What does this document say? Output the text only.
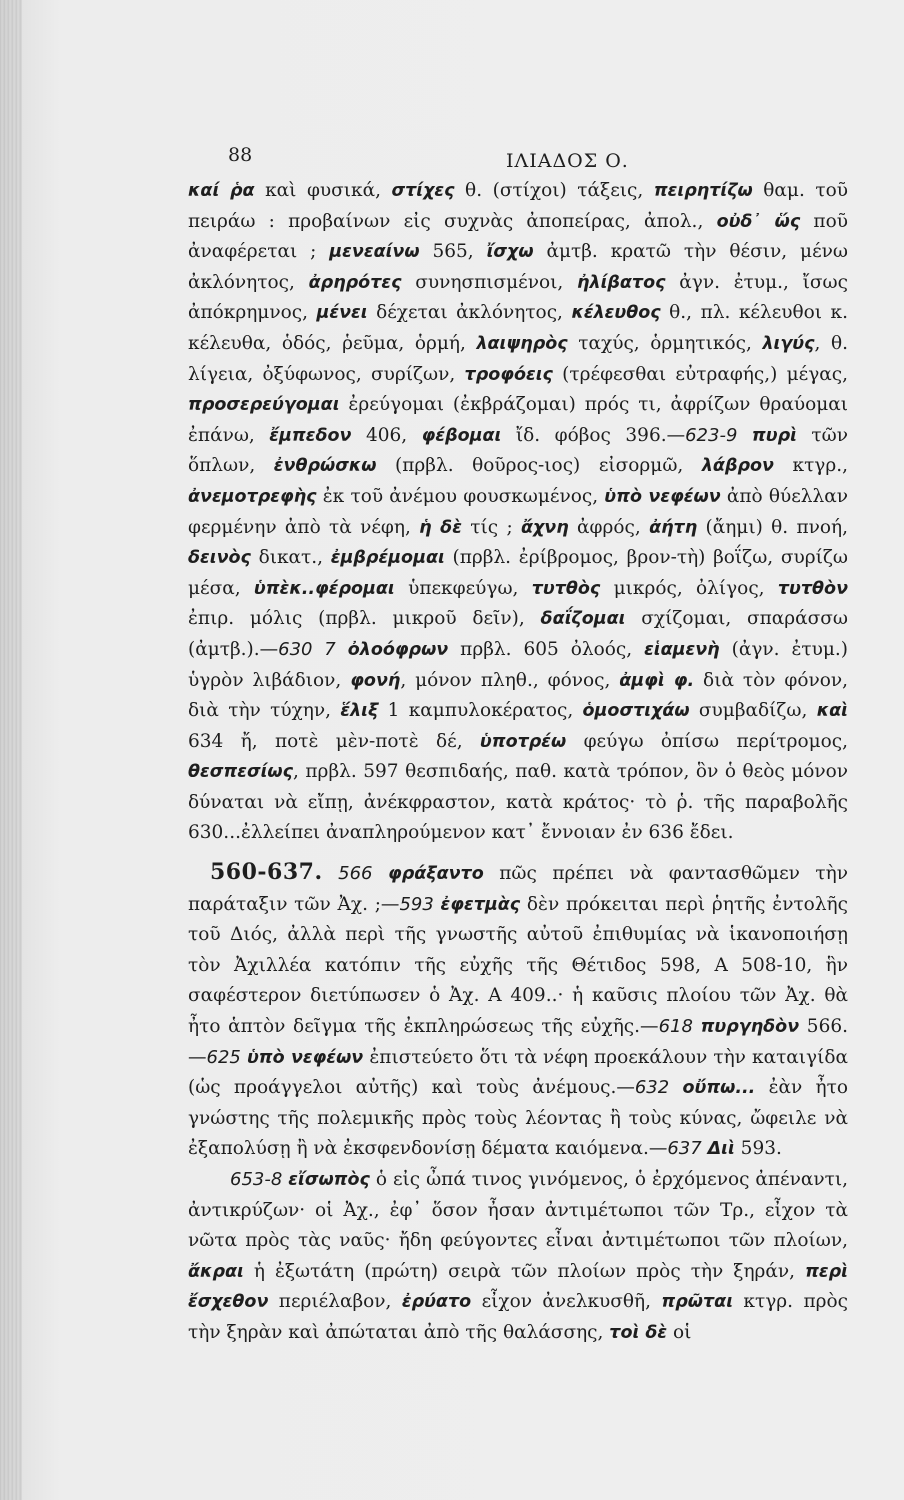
88	ΙΛΙΑΔΟΣ Ο.

καί ῥα καὶ φυσικά, στίχες θ. (στίχοι) τάξεις, πειρητίζω θαμ. τοῦ πειράω : προβαίνων εἰς συχνὰς ἀποπείρας, ἀπολ., οὐδ᾽ ὥς ποῦ ἀναφέρεται ; μενεαίνω 565, ἴσχω ἀμτβ. κρατῶ τὴν θέσιν, μένω ἀκλόνητος, ἀρηρότες συνησπισμένοι, ἠλίβατος ἀγν. ἐτυμ., ἴσως ἀπόκρημνος, μένει δέχεται ἀκλόνητος, κέλευθος θ., πλ. κέλευθοι κ. κέλευθα, ὁδός, ῥεῦμα, ὁρμή, λαιψηρὸς ταχύς, ὁρμητικός, λιγύς, θ. λίγεια, ὀξύφωνος, συρίζων, τροφόεις (τρέφεσθαι εὐτραφής,) μέγας, προσερεύγομαι ἐρεύγομαι (ἐκβράζομαι) πρός τι, ἀφρίζων θραύομαι ἐπάνω, ἔμπεδον 406, φέβομαι ἴδ. φόβος 396.—623-9 πυρὶ τῶν ὅπλων, ἐνθρώσκω (πρβλ. θοῦρος-ιος) εἰσορμῶ, λάβρον κτγρ., ἀνεμοτρεφὴς ἐκ τοῦ ἀνέμου φουσκωμένος, ὑπὸ νεφέων ἀπὸ θύελλαν φερμένην ἀπὸ τὰ νέφη, ἡ δὲ τίς ; ἄχνη ἀφρός, ἀήτη (ἄημι) θ. πνοή, δεινὸς δικατ., ἐμβρέμομαι (πρβλ. ἐρίβρομος, βρον-τὴ) βοΐζω, συρίζω μέσα, ὑπὲκ..φέρομαι ὑπεκφεύγω, τυτθὸς μικρός, ὀλίγος, τυτθὸν ἐπιρ. μόλις (πρβλ. μικροῦ δεῖν), δαΐζομαι σχίζομαι, σπαράσσω (ἀμτβ.).—630 7 ὀλοόφρων πρβλ. 605 ὀλοός, εἱαμενὴ (ἀγν. ἐτυμ.) ὑγρὸν λιβάδιον, φονή, μόνον πληθ., φόνος, ἀμφὶ φ. διὰ τὸν φόνον, διὰ τὴν τύχην, ἕλιξ 1 καμπυλοκέρατος, ὁμοστιχάω συμβαδίζω, καὶ 634 ἤ, ποτὲ μὲν-ποτὲ δέ, ὑποτρέω φεύγω ὀπίσω περίτρομος, θεσπεσίως, πρβλ. 597 θεσπιδαής, παθ. κατὰ τρόπον, ὃν ὁ θεὸς μόνον δύναται νὰ εἴπῃ, ἀνέκφραστον, κατὰ κράτος· τὸ ῥ. τῆς παραβολῆς 630...ἐλλείπει ἀναπληρούμενον κατ᾽ ἔννοιαν ἐν 636 ἔδει.

560-637. 566 φράξαντο πῶς πρέπει νὰ φαντασθῶμεν τὴν παράταξιν τῶν Ἀχ. ;—593 ἐφετμὰς δὲν πρόκειται περὶ ῥητῆς ἐντολῆς τοῦ Διός, ἀλλὰ περὶ τῆς γνωστῆς αὐτοῦ ἐπιθυμίας νὰ ἱκανοποιήσῃ τὸν Ἀχιλλέα κατόπιν τῆς εὐχῆς τῆς Θέτιδος 598, Α 508-10, ἣν σαφέστερον διετύπωσεν ὁ Ἀχ. Α 409..· ἡ καῦσις πλοίου τῶν Ἀχ. θὰ ἦτο ἁπτὸν δεῖγμα τῆς ἐκπληρώσεως τῆς εὐχῆς.—618 πυργηδὸν 566.—625 ὑπὸ νεφέων ἐπιστεύετο ὅτι τὰ νέφη προεκάλουν τὴν καταιγίδα (ὡς προάγγελοι αὐτῆς) καὶ τοὺς ἀνέμους.—632 οὔπω... ἐὰν ἦτο γνώστης τῆς πολεμικῆς πρὸς τοὺς λέοντας ἢ τοὺς κύνας, ὤφειλε νὰ ἐξαπολύσῃ ἢ νὰ ἐκσφενδονίσῃ δέματα καιόμενα.—637 Διὶ 593.

653-8 εἴσωπὸς ὁ εἰς ὦπά τινος γινόμενος, ὁ ἐρχόμενος ἀπέναντι, ἀντικρύζων· οἱ Ἀχ., ἐφ᾽ ὅσον ἦσαν ἀντιμέτωποι τῶν Τρ., εἶχον τὰ νῶτα πρὸς τὰς ναῦς· ἤδη φεύγοντες εἶναι ἀντιμέτωποι τῶν πλοίων, ἄκραι ἡ ἐξωτάτη (πρώτη) σειρὰ τῶν πλοίων πρὸς τὴν ξηράν, περὶ ἔσχεθον περιέλαβον, ἐρύατο εἶχον ἀνελκυσθῆ, πρῶται κτγρ. πρὸς τὴν ξηρὰν καὶ ἀπώταται ἀπὸ τῆς θαλάσσης, τοὶ δὲ οἱ
